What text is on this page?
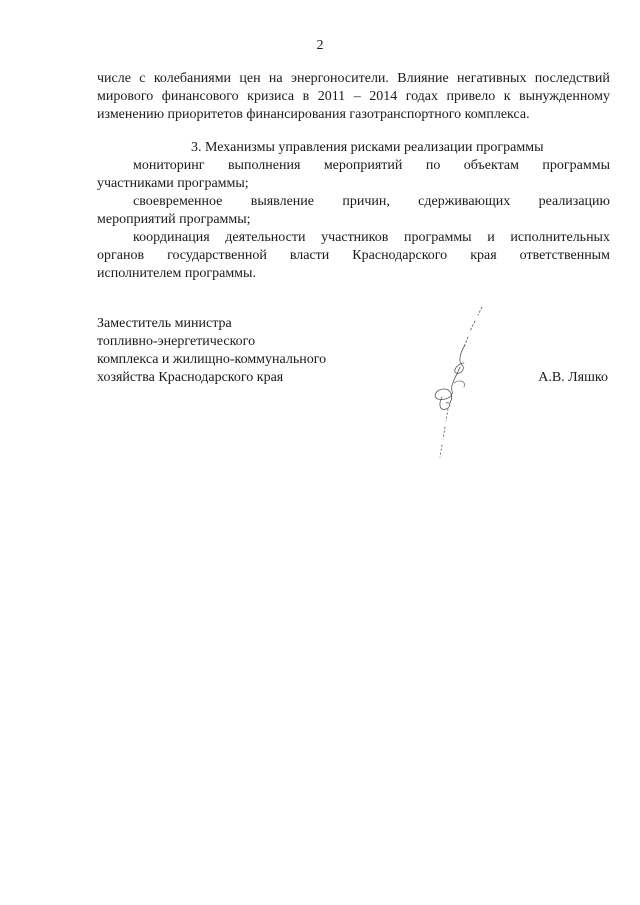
2
числе с колебаниями цен на энергоносители. Влияние негативных последствий
мирового финансового кризиса в 2011 – 2014 годах привело к вынужденному
изменению приоритетов финансирования газотранспортного комплекса.
3. Механизмы управления рисками реализации программы
мониторинг выполнения мероприятий по объектам программы
участниками программы;
своевременное выявление причин, сдерживающих реализацию
мероприятий программы;
координация деятельности участников программы и исполнительных
органов государственной власти Краснодарского края ответственным
исполнителем программы.
Заместитель министра
топливно-энергетического
комплекса и жилищно-коммунального
хозяйства Краснодарского края	А.В. Ляшко
